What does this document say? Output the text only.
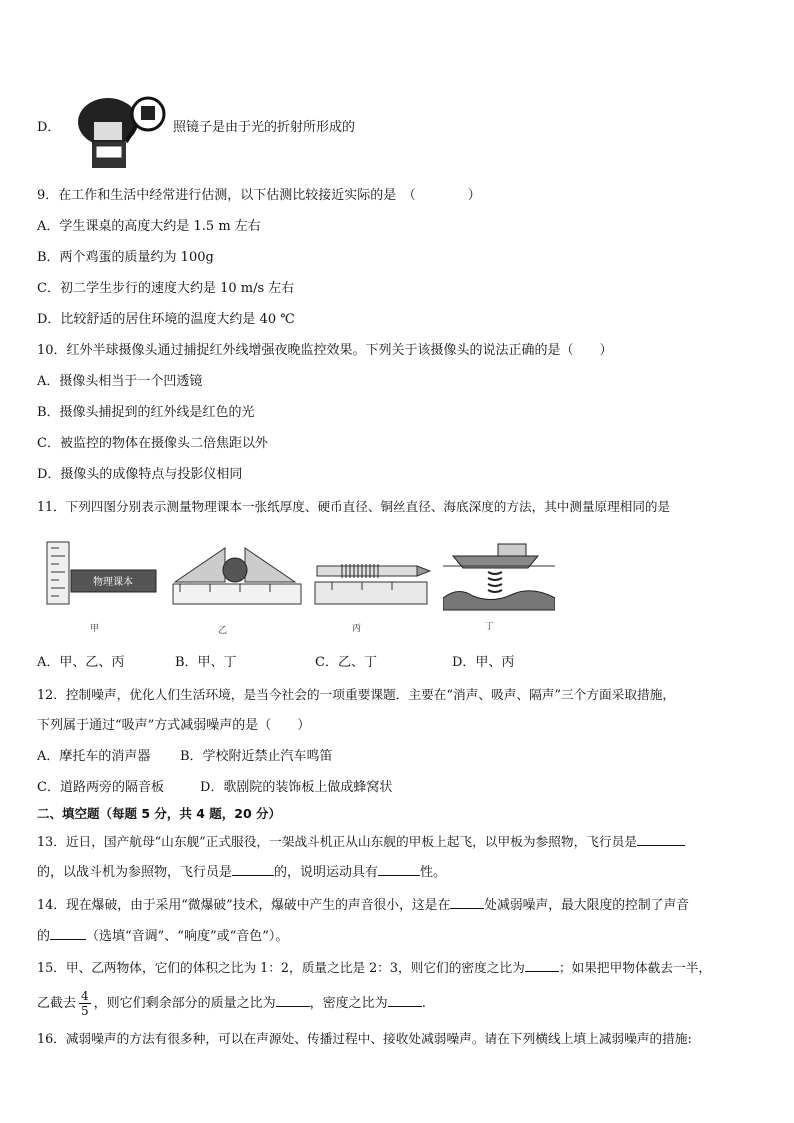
D．	照镜子是由于光的折射所形成的
9．在工作和生活中经常进行估测，以下估测比较接近实际的是　（　　　　）
A．学生课桌的高度大约是 1.5 m 左右
B．两个鸡蛋的质量约为 100g
C．初二学生步行的速度大约是 10 m/s 左右
D．比较舒适的居住环境的温度大约是 40 ℃
10．红外半球摄像头通过捕捉红外线增强夜晚监控效果。下列关于该摄像头的说法正确的是（　　）
A．摄像头相当于一个凹透镜
B．摄像头捕捉到的红外线是红色的光
C．被监控的物体在摄像头二倍焦距以外
D．摄像头的成像特点与投影仪相同
11．下列四图分别表示测量物理课本一张纸厚度、硬币直径、铜丝直径、海底深度的方法，其中测量原理相同的是
物理课本
甲	乙	丙	丁
A．甲、乙、丙	B．甲、丁	C．乙、丁	D．甲、丙
12．控制噪声，优化人们生活环境，是当今社会的一项重要课题．主要在“消声、吸声、隔声”三个方面采取措施，
下列属于通过“吸声”方式减弱噪声的是（　　）
A．摩托车的消声器 B．学校附近禁止汽车鸣笛
C．道路两旁的隔音板	D．歌剧院的装饰板上做成蜂窝状
二、填空题（每题 5 分，共 4 题，20 分）
13．近日，国产航母“山东舰”正式服役，一架战斗机正从山东舰的甲板上起飞，以甲板为参照物，飞行员是
的，以战斗机为参照物，飞行员是	的，说明运动具有	性。
14．现在爆破，由于采用“微爆破”技术，爆破中产生的声音很小，这是在	处减弱噪声，最大限度的控制了声音
的	（选填“音调”、“响度”或“音色”）。
15．甲、乙两物体，它们的体积之比为 1：2，质量之比是 2：3，则它们的密度之比为	；如果把甲物体截去一半，
乙截去 $\frac{4}{5}$ ，则它们剩余部分的质量之比为	，密度之比为	.
16．减弱噪声的方法有很多种，可以在声源处、传播过程中、接收处减弱噪声。请在下列横线上填上减弱噪声的措施:
